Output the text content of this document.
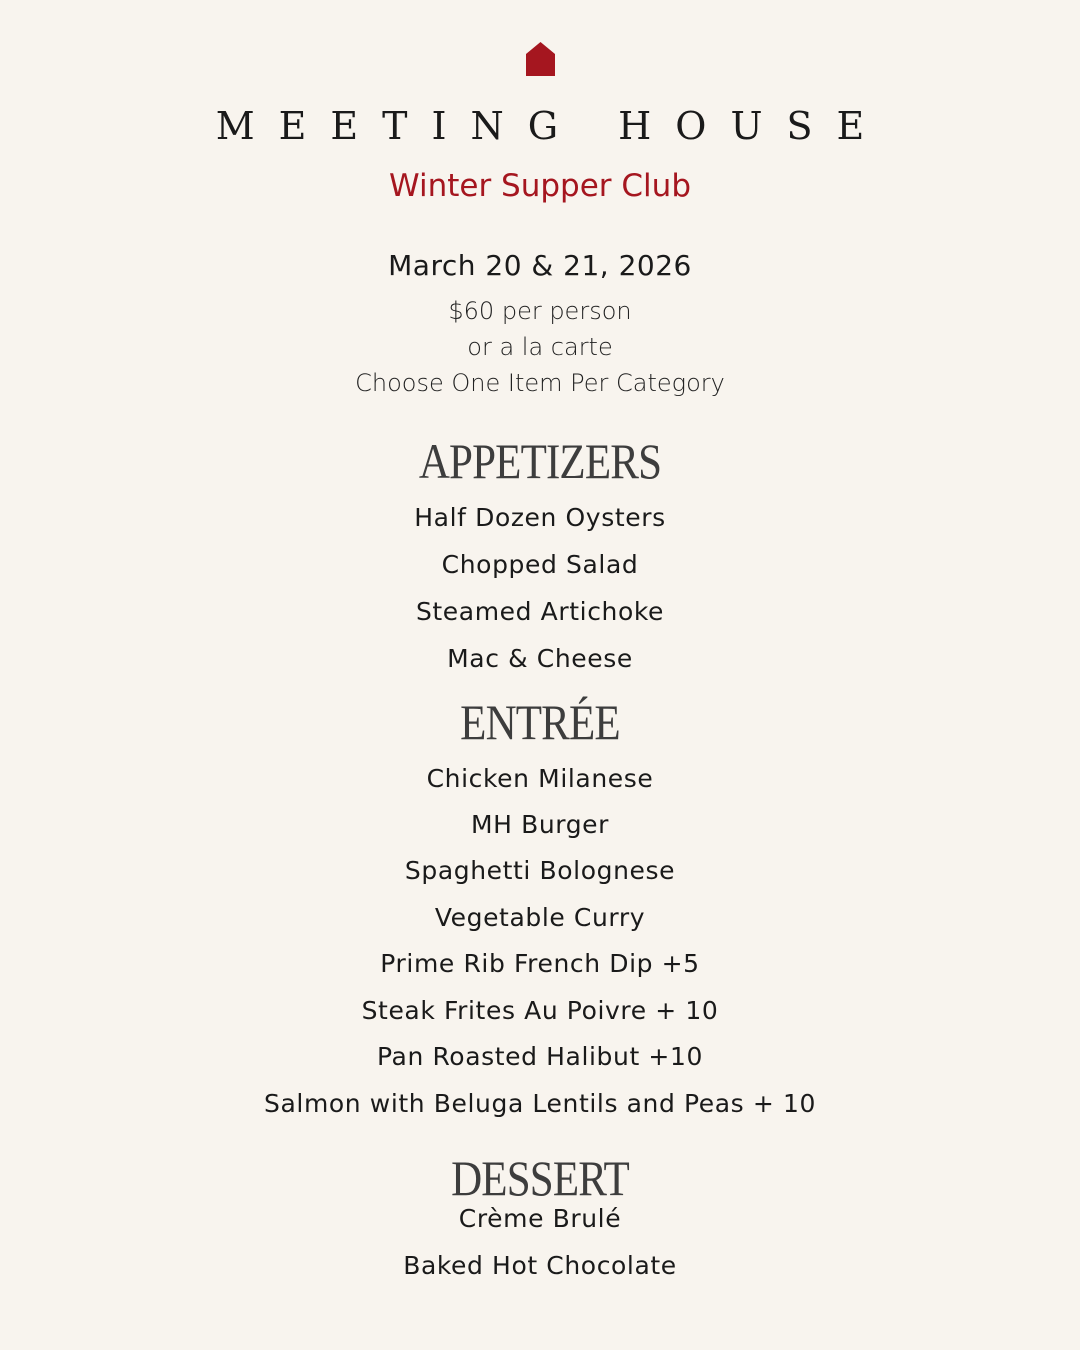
MEETING HOUSE
Winter Supper Club
March 20 & 21, 2026
$60 per person
or a la carte
Choose One Item Per Category
APPETIZERS
Half Dozen Oysters
Chopped Salad
Steamed Artichoke
Mac & Cheese
ENTRÉE
Chicken Milanese
MH Burger
Spaghetti Bolognese
Vegetable Curry
Prime Rib French Dip +5
Steak Frites Au Poivre + 10
Pan Roasted Halibut +10
Salmon with Beluga Lentils and Peas + 10
DESSERT
Crème Brulé
Baked Hot Chocolate
